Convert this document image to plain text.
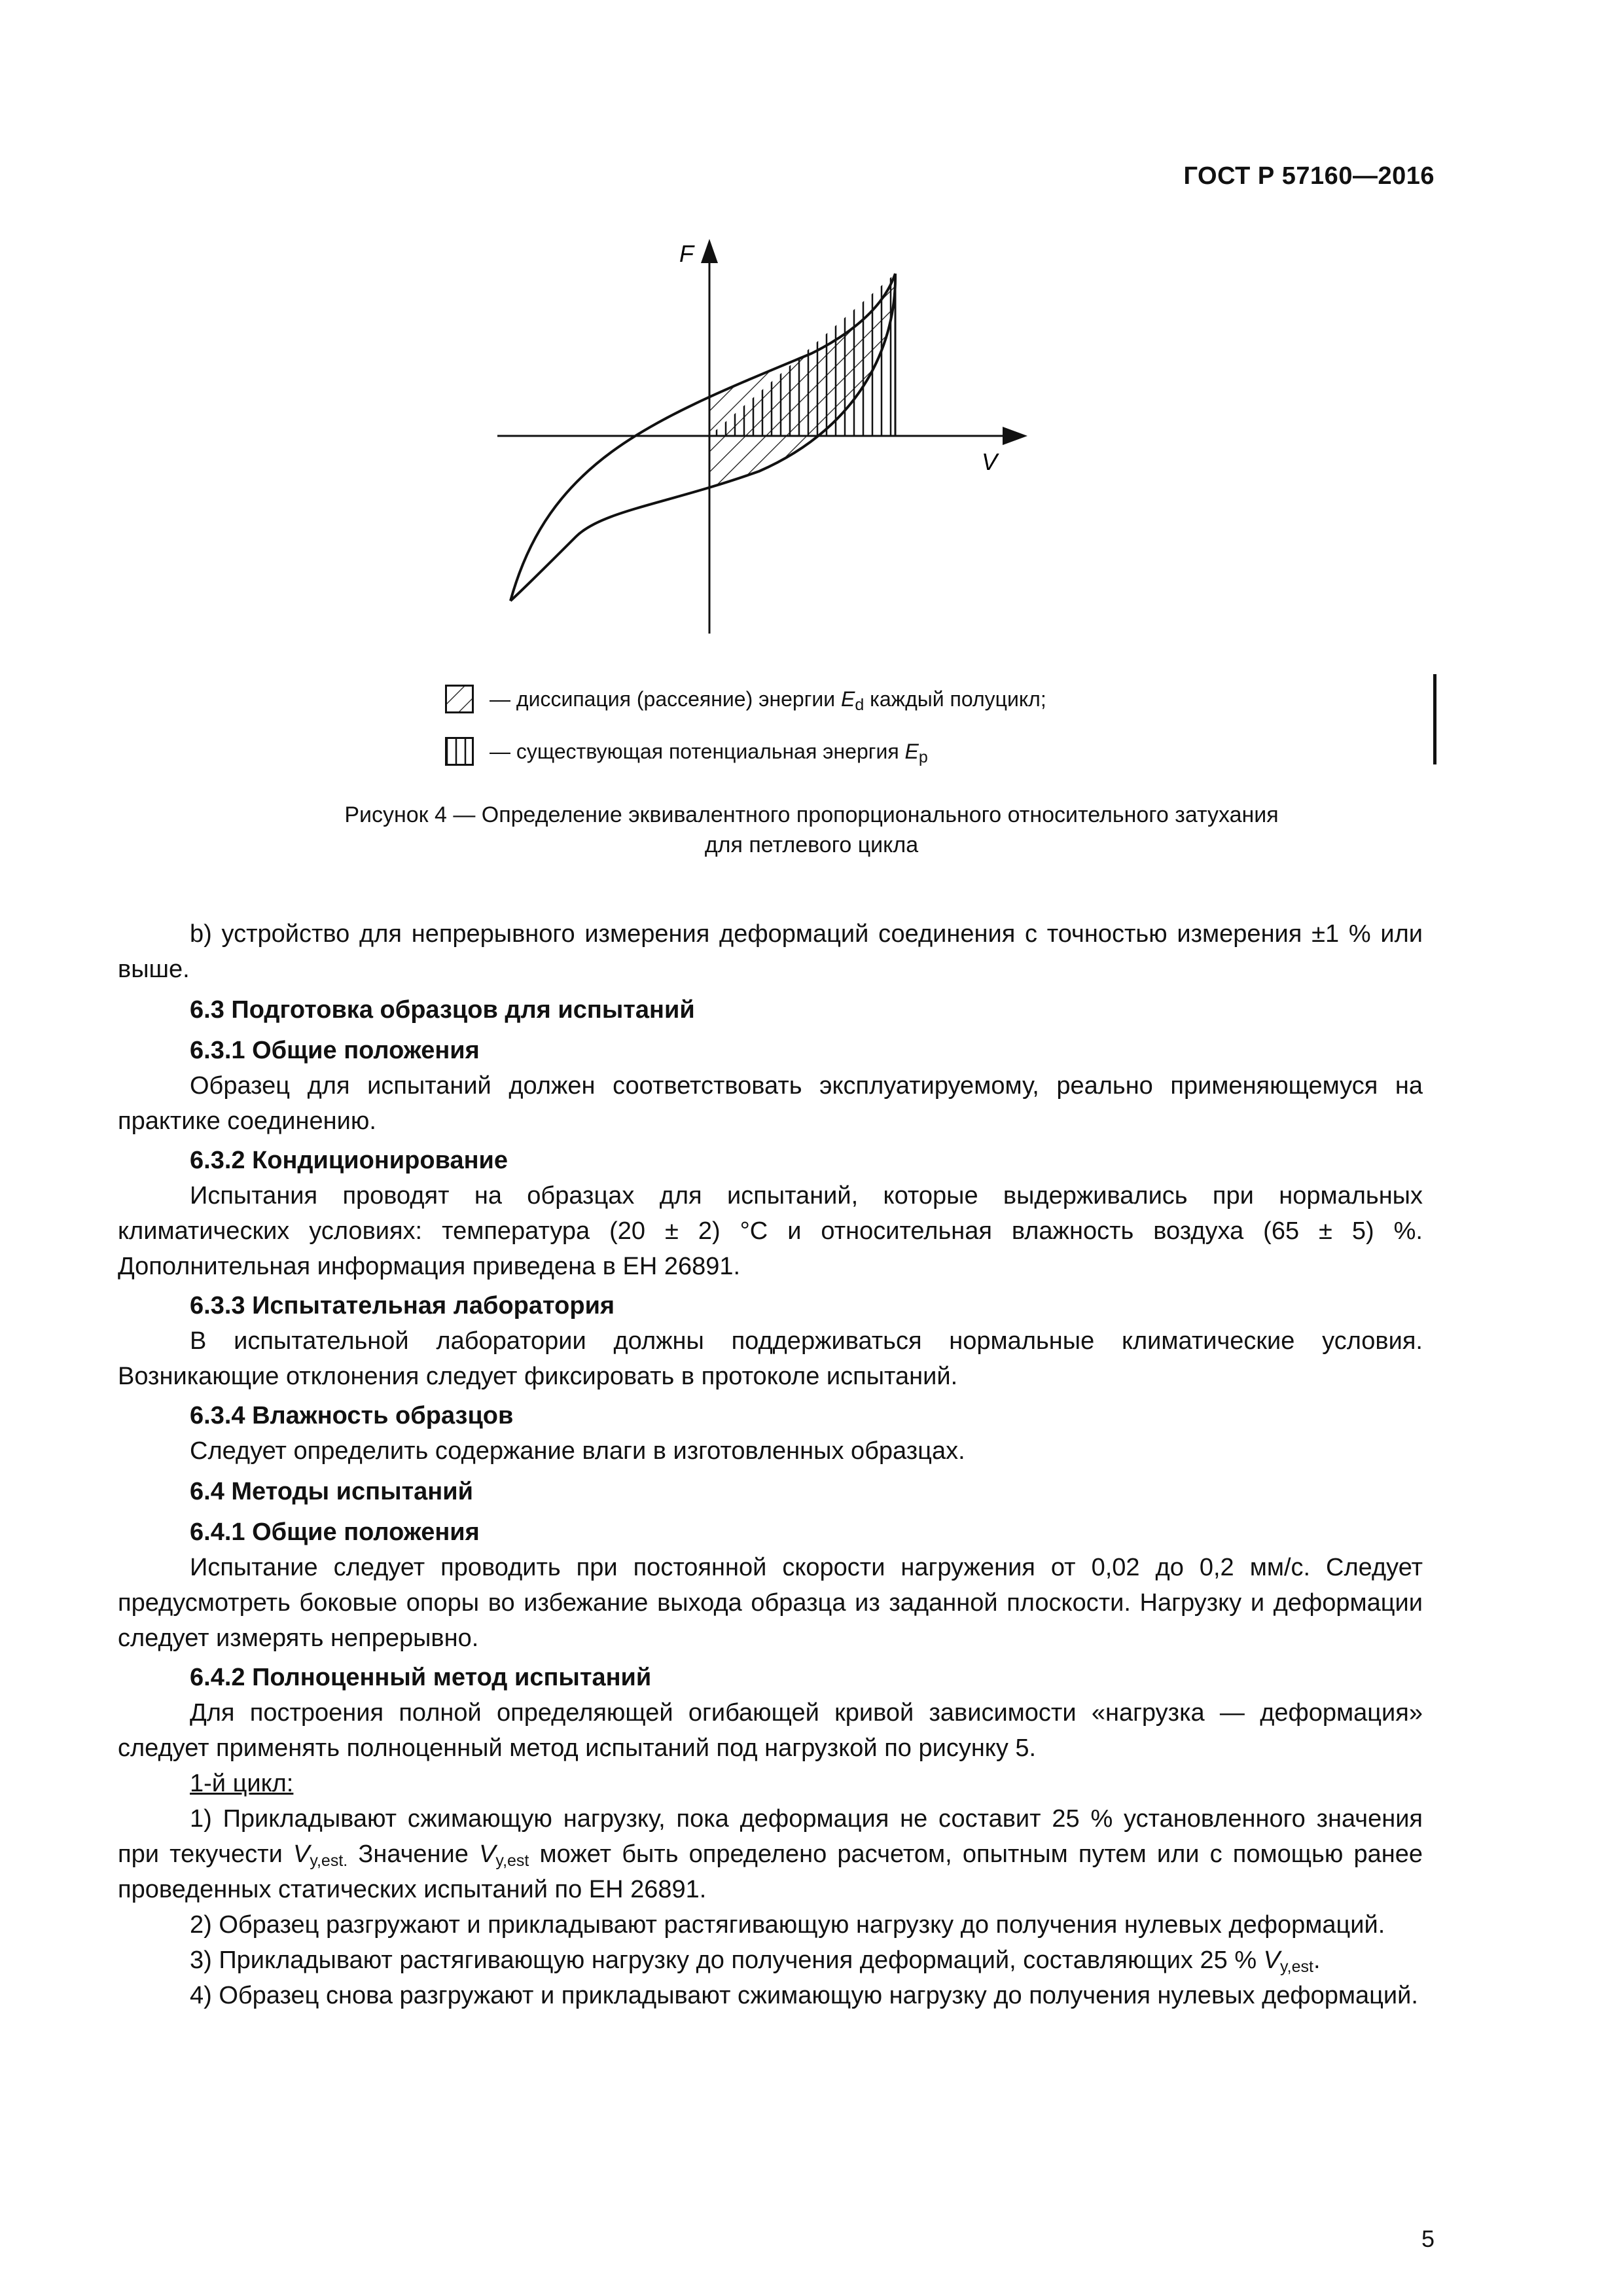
ГОСТ Р 57160—2016
F
V
— диссипация (рассеяние) энергии $E_d$ каждый полуцикл;
— существующая потенциальная энергия $E_p$
Рисунок 4 — Определение эквивалентного пропорционального относительного затухания
для петлевого цикла

b) устройство для непрерывного измерения деформаций соединения с точностью измерения ±1 % или выше.

6.3 Подготовка образцов для испытаний

6.3.1 Общие положения

Образец для испытаний должен соответствовать эксплуатируемому, реально применяющемуся на практике соединению.

6.3.2 Кондиционирование

Испытания проводят на образцах для испытаний, которые выдерживались при нормальных климатических условиях: температура (20 ± 2) °С и относительная влажность воздуха (65 ± 5) %. Дополнительная информация приведена в ЕН 26891.

6.3.3 Испытательная лаборатория

В испытательной лаборатории должны поддерживаться нормальные климатические условия. Возникающие отклонения следует фиксировать в протоколе испытаний.

6.3.4 Влажность образцов

Следует определить содержание влаги в изготовленных образцах.

6.4 Методы испытаний

6.4.1 Общие положения

Испытание следует проводить при постоянной скорости нагружения от 0,02 до 0,2 мм/с. Следует предусмотреть боковые опоры во избежание выхода образца из заданной плоскости. Нагрузку и деформации следует измерять непрерывно.

6.4.2 Полноценный метод испытаний

Для построения полной определяющей огибающей кривой зависимости «нагрузка — деформация» следует применять полноценный метод испытаний под нагрузкой по рисунку 5.

1-й цикл:

1) Прикладывают сжимающую нагрузку, пока деформация не составит 25 % установленного значения при текучести $V_{y,est.}$ Значение $V_{y,est}$ может быть определено расчетом, опытным путем или с помощью ранее проведенных статических испытаний по ЕН 26891.

2) Образец разгружают и прикладывают растягивающую нагрузку до получения нулевых деформаций.

3) Прикладывают растягивающую нагрузку до получения деформаций, составляющих 25 % $V_{y,est}$.

4) Образец снова разгружают и прикладывают сжимающую нагрузку до получения нулевых деформаций.

5
